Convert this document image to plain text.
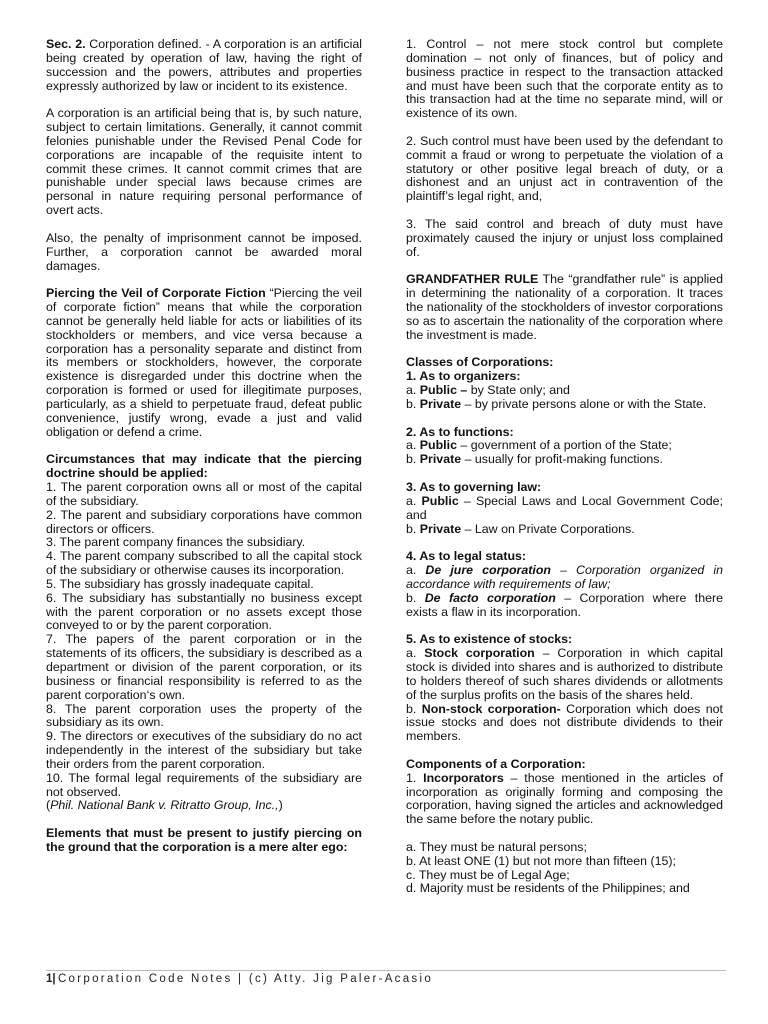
Sec. 2. Corporation defined. - A corporation is an artificial being created by operation of law, having the right of succession and the powers, attributes and properties expressly authorized by law or incident to its existence.

A corporation is an artificial being that is, by such nature, subject to certain limitations. Generally, it cannot commit felonies punishable under the Revised Penal Code for corporations are incapable of the requisite intent to commit these crimes. It cannot commit crimes that are punishable under special laws because crimes are personal in nature requiring personal performance of overt acts.

Also, the penalty of imprisonment cannot be imposed. Further, a corporation cannot be awarded moral damages.

Piercing the Veil of Corporate Fiction “Piercing the veil of corporate fiction” means that while the corporation cannot be generally held liable for acts or liabilities of its stockholders or members, and vice versa because a corporation has a personality separate and distinct from its members or stockholders, however, the corporate existence is disregarded under this doctrine when the corporation is formed or used for illegitimate purposes, particularly, as a shield to perpetuate fraud, defeat public convenience, justify wrong, evade a just and valid obligation or defend a crime.

Circumstances that may indicate that the piercing doctrine should be applied:

1. The parent corporation owns all or most of the capital of the subsidiary.

2. The parent and subsidiary corporations have common directors or officers.

3. The parent company finances the subsidiary.

4. The parent company subscribed to all the capital stock of the subsidiary or otherwise causes its incorporation.

5. The subsidiary has grossly inadequate capital.

6. The subsidiary has substantially no business except with the parent corporation or no assets except those conveyed to or by the parent corporation.

7. The papers of the parent corporation or in the statements of its officers, the subsidiary is described as a department or division of the parent corporation, or its business or financial responsibility is referred to as the parent corporation‘s own.

8. The parent corporation uses the property of the subsidiary as its own.

9. The directors or executives of the subsidiary do no act independently in the interest of the subsidiary but take their orders from the parent corporation.

10. The formal legal requirements of the subsidiary are not observed.

(Phil. National Bank v. Ritratto Group, Inc.,)

Elements that must be present to justify piercing on the ground that the corporation is a mere alter ego:

1. Control – not mere stock control but complete domination – not only of finances, but of policy and business practice in respect to the transaction attacked and must have been such that the corporate entity as to this transaction had at the time no separate mind, will or existence of its own.

2. Such control must have been used by the defendant to commit a fraud or wrong to perpetuate the violation of a statutory or other positive legal breach of duty, or a dishonest and an unjust act in contravention of the plaintiff’s legal right, and,

3. The said control and breach of duty must have proximately caused the injury or unjust loss complained of.

GRANDFATHER RULE The “grandfather rule” is applied in determining the nationality of a corporation. It traces the nationality of the stockholders of investor corporations so as to ascertain the nationality of the corporation where the investment is made.

Classes of Corporations:

1. As to organizers:

a. Public – by State only; and

b. Private – by private persons alone or with the State.

2. As to functions:

a. Public – government of a portion of the State;

b. Private – usually for profit-making functions.

3. As to governing law:

a. Public – Special Laws and Local Government Code; and

b. Private – Law on Private Corporations.

4. As to legal status:

a. De jure corporation – Corporation organized in accordance with requirements of law;

b. De facto corporation – Corporation where there exists a flaw in its incorporation.

5. As to existence of stocks:

a. Stock corporation – Corporation in which capital stock is divided into shares and is authorized to distribute to holders thereof of such shares dividends or allotments of the surplus profits on the basis of the shares held.

b. Non-stock corporation- Corporation which does not issue stocks and does not distribute dividends to their members.

Components of a Corporation:

1. Incorporators – those mentioned in the articles of incorporation as originally forming and composing the corporation, having signed the articles and acknowledged the same before the notary public.

a. They must be natural persons;

b. At least ONE (1) but not more than fifteen (15);

c. They must be of Legal Age;

d. Majority must be residents of the Philippines; and

1|Corporation Code Notes | (c) Atty. Jig Paler-Acasio
